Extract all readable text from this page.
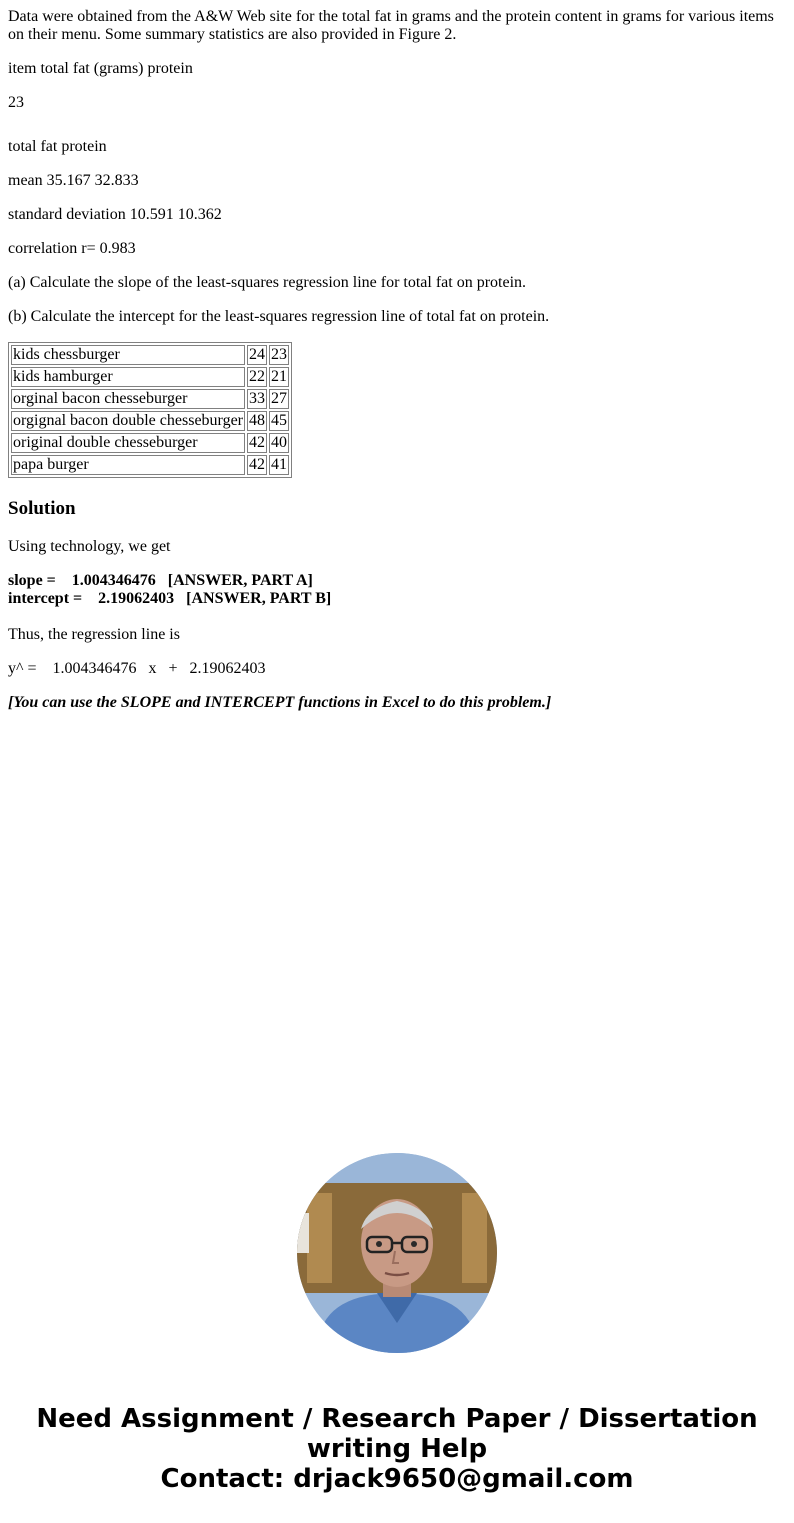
Data were obtained from the A&W Web site for the total fat in grams and the protein content in grams for various items on their menu. Some summary statistics are also provided in Figure 2.

item total fat (grams) protein

23

total fat protein

mean 35.167 32.833

standard deviation 10.591 10.362

correlation r= 0.983

(a) Calculate the slope of the least-squares regression line for total fat on protein.

(b) Calculate the intercept for the least-squares regression line of total fat on protein.

kids chessburger	24	23
kids hamburger	22	21
orginal bacon chesseburger	33	27
orgignal bacon double chesseburger	48	45
original double chesseburger	42	40
papa burger	42	41
Solution

Using technology, we get

slope = 1.004346476 [ANSWER, PART A]
intercept = 2.19062403 [ANSWER, PART B]

Thus, the regression line is

y^ =    1.004346476   x   +   2.19062403

[You can use the SLOPE and INTERCEPT functions in Excel to do this problem.]

Need Assignment / Research Paper / Dissertation
writing Help
Contact: drjack9650@gmail.com
